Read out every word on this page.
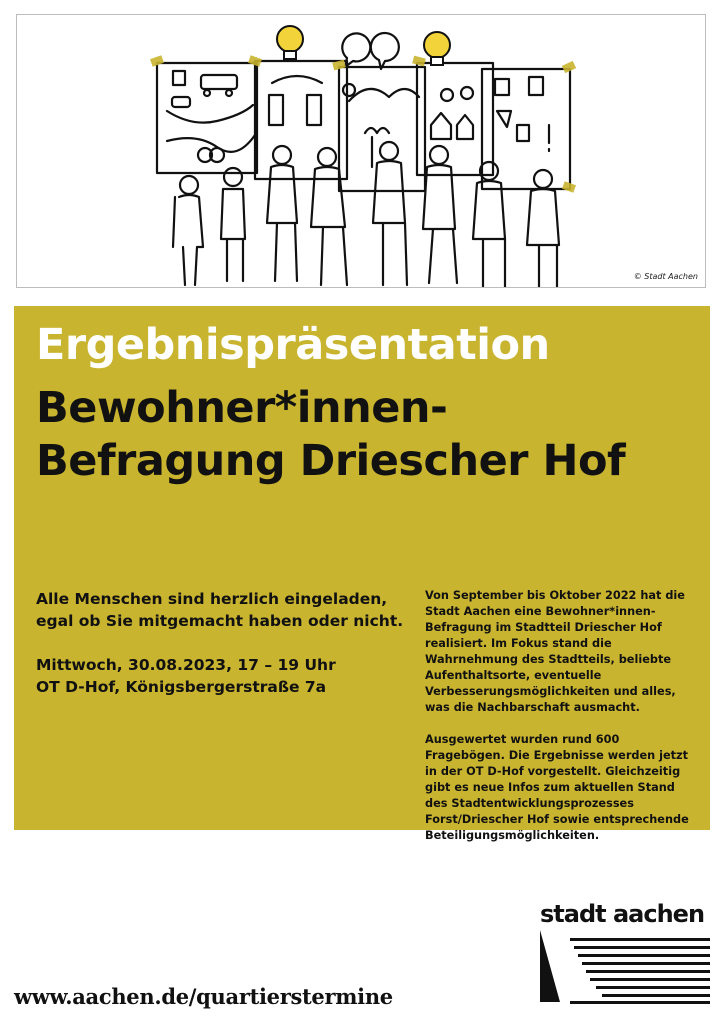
© Stadt Aachen
Ergebnispräsentation
Bewohner*innen-
Befragung Driescher Hof

Alle Menschen sind herzlich eingeladen,
egal ob Sie mitgemacht haben oder nicht.

Mittwoch, 30.08.2023, 17 – 19 Uhr
OT D-Hof, Königsbergerstraße 7a

Von September bis Oktober 2022 hat die Stadt Aachen eine Bewohner*innen-Befragung im Stadtteil Driescher Hof realisiert. Im Fokus stand die Wahrnehmung des Stadtteils, beliebte Aufenthaltsorte, eventuelle Verbesserungsmöglichkeiten und alles, was die Nachbarschaft ausmacht.

Ausgewertet wurden rund 600 Fragebögen. Die Ergebnisse werden jetzt in der OT D-Hof vorgestellt. Gleichzeitig gibt es neue Infos zum aktuellen Stand des Stadtentwicklungsprozesses Forst/Driescher Hof sowie entsprechende Beteiligungsmöglichkeiten.

www.aachen.de/quartierstermine
stadt aachen
